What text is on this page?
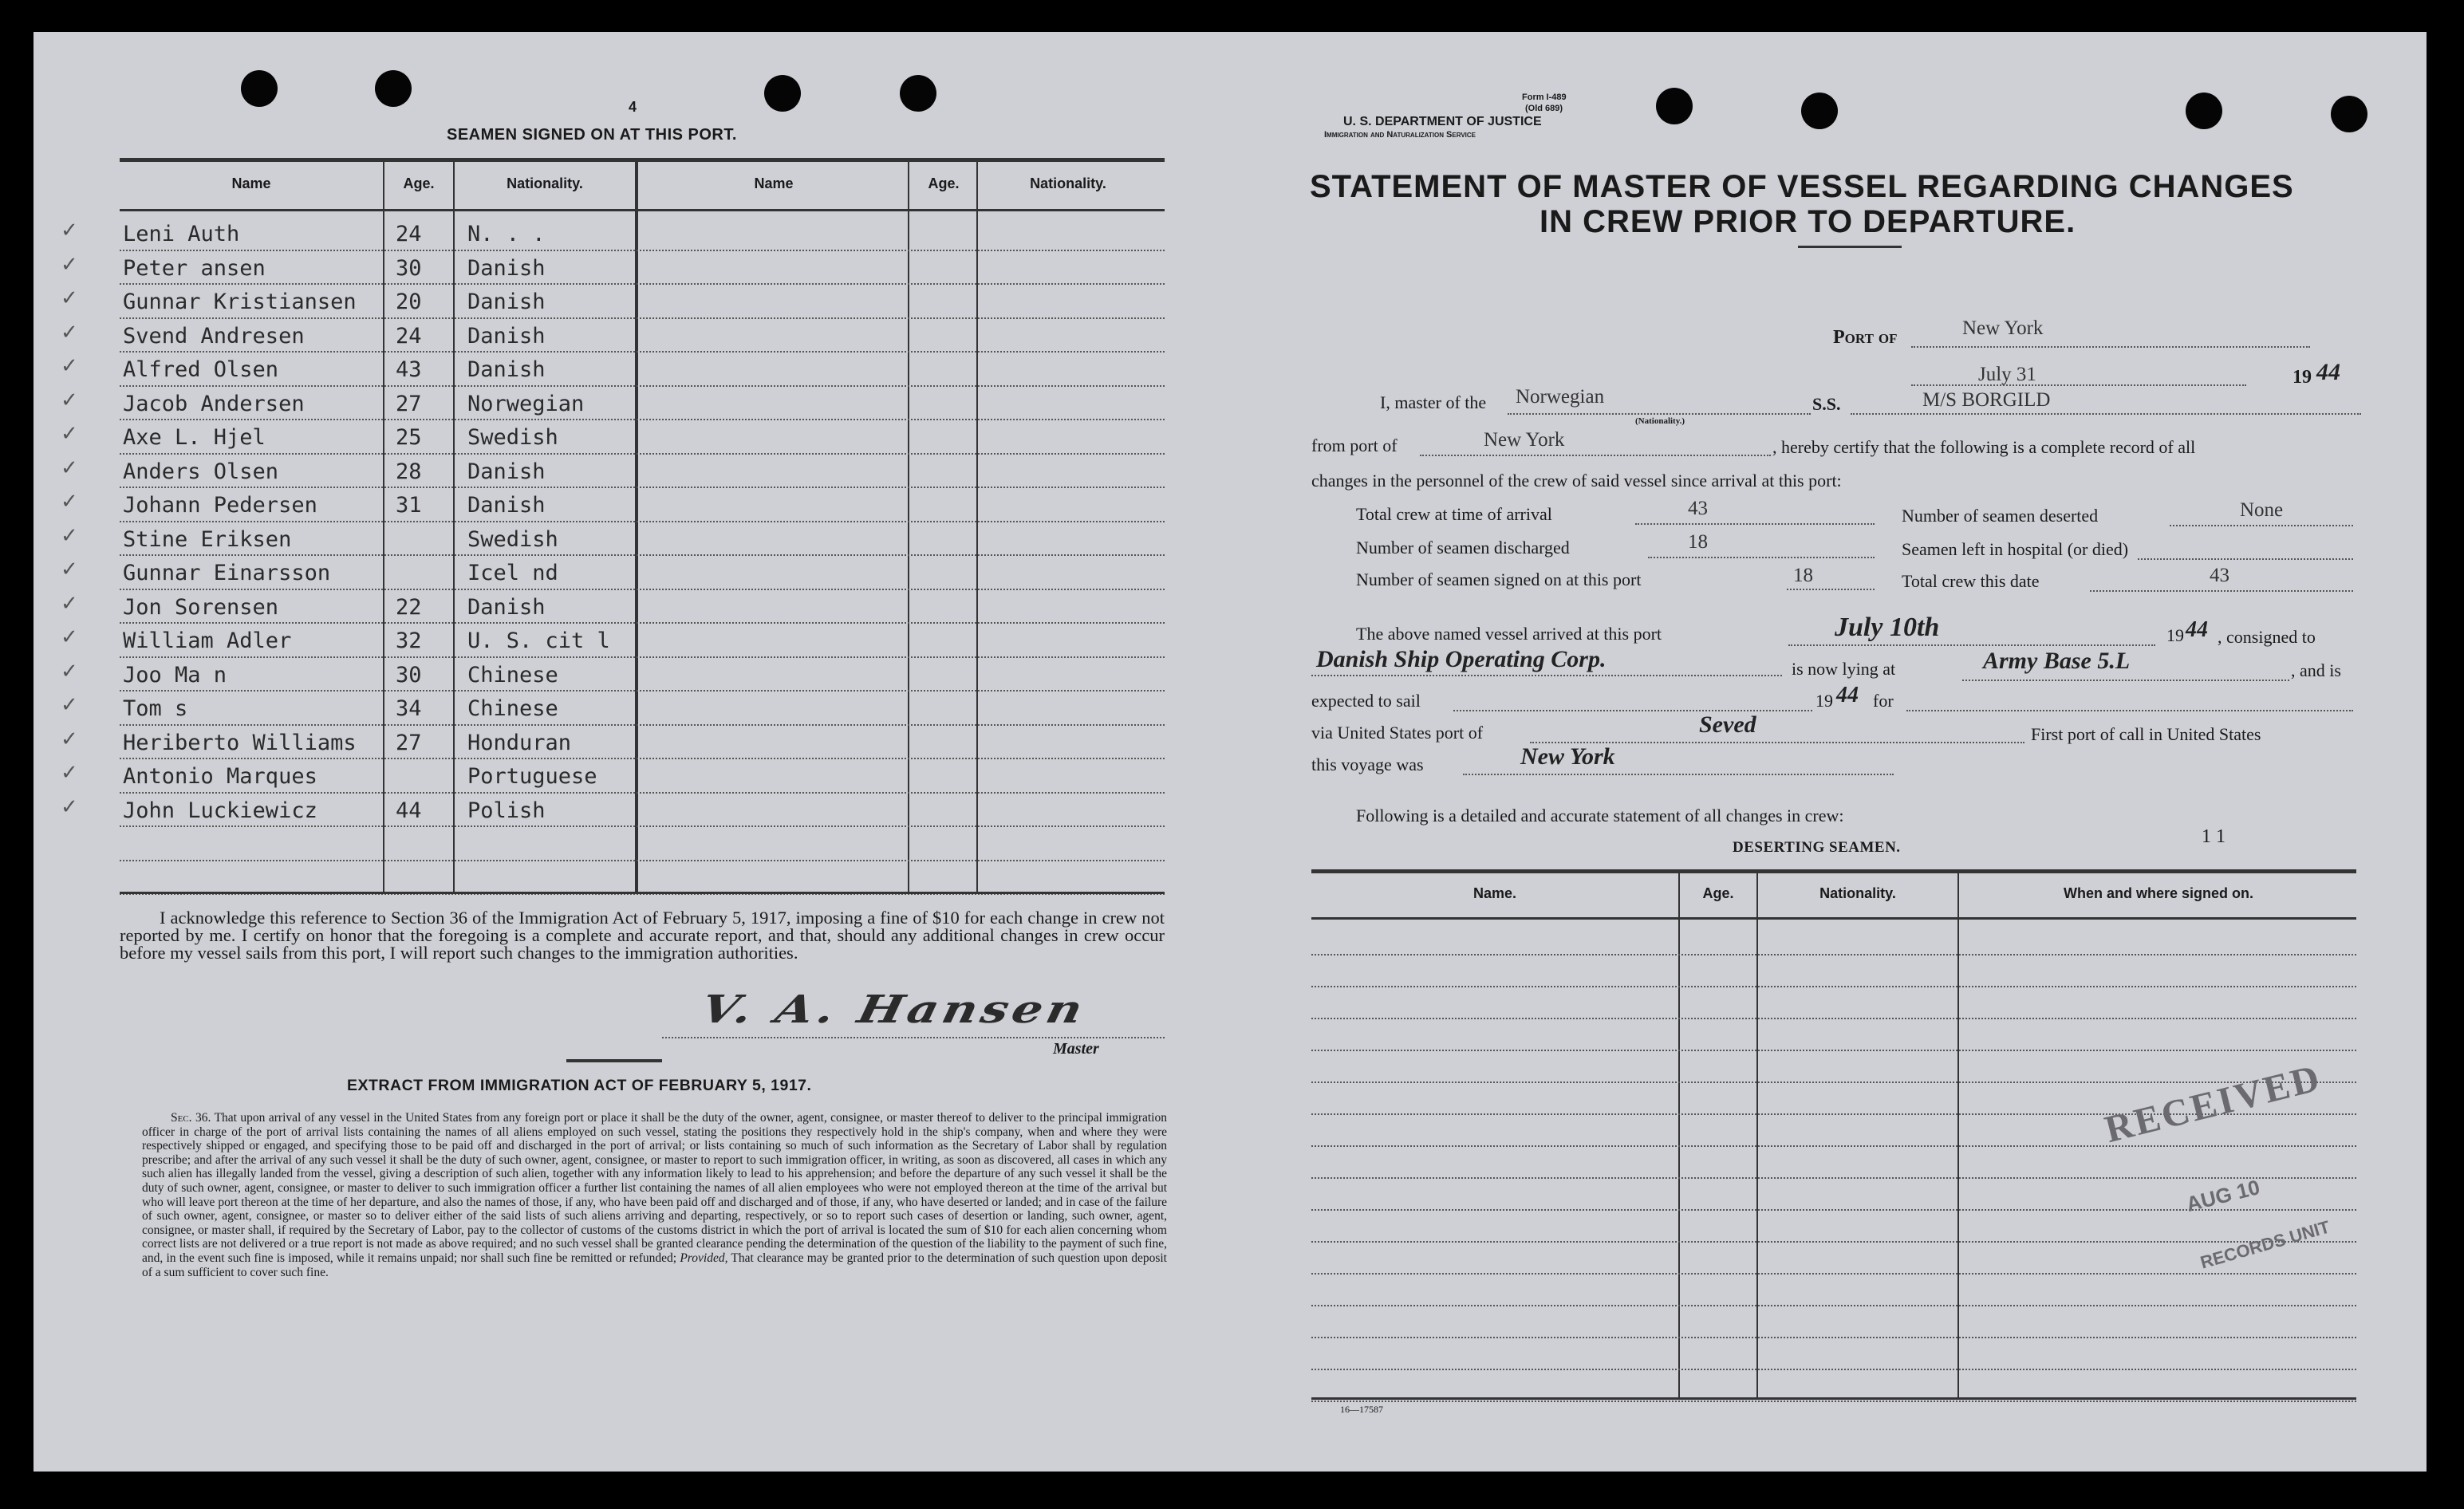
4
SEAMEN SIGNED ON AT THIS PORT.
Name	Age.	Nationality.	Name	Age.	Nationality.
✓ Leni Auth	24 N. . .
✓ Peter ansen	30 Danish
✓ Gunnar Kristiansen 20 Danish
✓ Svend Andresen	24 Danish
✓ Alfred Olsen	43 Danish
✓ Jacob Andersen	27 Norwegian
✓ Axe L. Hjel	25 Swedish
✓ Anders Olsen	28 Danish
✓ Johann Pedersen	31 Danish
✓ Stine Eriksen	Swedish
✓ Gunnar Einarsson	Icel nd
✓ Jon Sorensen	22 Danish
✓ William Adler	32 U. S. cit l
✓ Joo Ma n	30 Chinese
✓ Tom s	34 Chinese
✓ Heriberto Williams 27 Honduran
✓ Antonio Marques	Portuguese
✓ John Luckiewicz	44 Polish
I acknowledge this reference to Section 36 of the Immigration Act of February 5, 1917, imposing a fine of $10 for each change in crew not reported by me. I certify on honor that the foregoing is a complete and accurate report, and that, should any additional changes in crew occur before my vessel sails from this port, I will report such changes to the immigration authorities.
V. A. Hansen
Master
EXTRACT FROM IMMIGRATION ACT OF FEBRUARY 5, 1917.
Sec. 36. That upon arrival of any vessel in the United States from any foreign port or place it shall be the duty of the owner, agent, consignee, or master thereof to deliver to the principal immigration officer in charge of the port of arrival lists containing the names of all aliens employed on such vessel, stating the positions they respectively hold in the ship's company, when and where they were respectively shipped or engaged, and specifying those to be paid off and discharged in the port of arrival; or lists containing so much of such information as the Secretary of Labor shall by regulation prescribe; and after the arrival of any such vessel it shall be the duty of such owner, agent, consignee, or master to report to such immigration officer, in writing, as soon as discovered, all cases in which any such alien has illegally landed from the vessel, giving a description of such alien, together with any information likely to lead to his apprehension; and before the departure of any such vessel it shall be the duty of such owner, agent, consignee, or master to deliver to such immigration officer a further list containing the names of all alien employees who were not employed thereon at the time of the arrival but who will leave port thereon at the time of her departure, and also the names of those, if any, who have been paid off and discharged and of those, if any, who have deserted or landed; and in case of the failure of such owner, agent, consignee, or master so to deliver either of the said lists of such aliens arriving and departing, respectively, or so to report such cases of desertion or landing, such owner, agent, consignee, or master shall, if required by the Secretary of Labor, pay to the collector of customs of the customs district in which the port of arrival is located the sum of $10 for each alien concerning whom correct lists are not delivered or a true report is not made as above required; and no such vessel shall be granted clearance pending the determination of the question of the liability to the payment of such fine, and, in the event such fine is imposed, while it remains unpaid; nor shall such fine be remitted or refunded; Provided, That clearance may be granted prior to the determination of such question upon deposit of a sum sufficient to cover such fine.
Form I-489
(Old 689)
U. S. DEPARTMENT OF JUSTICE
Immigration and Naturalization Service
STATEMENT OF MASTER OF VESSEL REGARDING CHANGES
IN CREW PRIOR TO DEPARTURE.
Port of	New York
July 31	19 44
I, master of the Norwegian
(Nationality.)
S.S.	M/S BORGILD
from port of	New York	, hereby certify that the following is a complete record of all
changes in the personnel of the crew of said vessel since arrival at this port:
Total crew at time of arrival	43	Number of seamen deserted	None
Number of seamen discharged	18	Seamen left in hospital (or died)
Number of seamen signed on at this port	18	Total crew this date	43
The above named vessel arrived at this port	July 10th	19 44 , consigned to
Danish Ship Operating Corp.	is now lying at	Army Base 5.L	, and is
expected to sail	19 44 for
via United States port of	Seved	First port of call in United States
this voyage was	New York
Following is a detailed and accurate statement of all changes in crew:
DESERTING SEAMEN.
1 1
Name.	Age.	Nationality.	When and where signed on.
16—17587
RECEIVED
AUG 10
RECORDS UNIT
